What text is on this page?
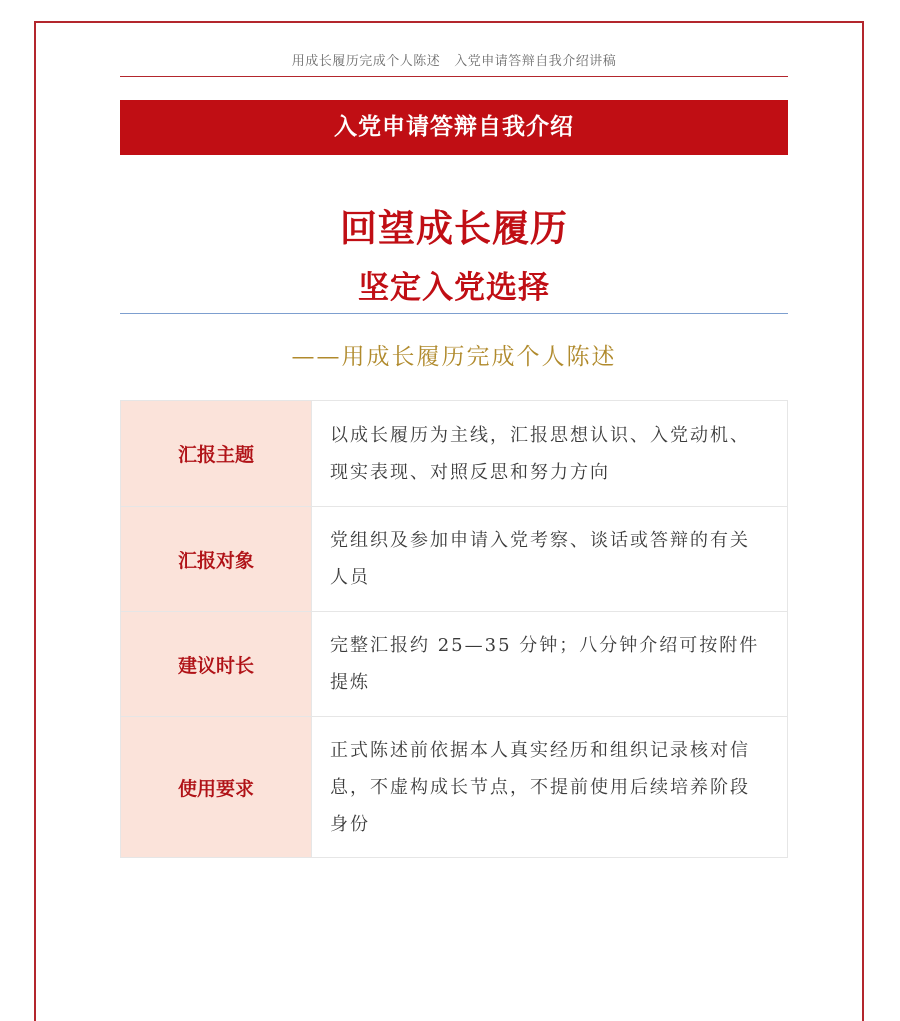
用成长履历完成个人陈述 入党申请答辩自我介绍讲稿
入党申请答辩自我介绍
回望成长履历
坚定入党选择
——用成长履历完成个人陈述
汇报主题	以成长履历为主线，汇报思想认识、入党动机、
现实表现、对照反思和努力方向

汇报对象	党组织及参加申请入党考察、谈话或答辩的有关
人员

建议时长	完整汇报约 25—35 分钟；八分钟介绍可按附件
提炼

使用要求	正式陈述前依据本人真实经历和组织记录核对信
息，不虚构成长节点，不提前使用后续培养阶段
身份
